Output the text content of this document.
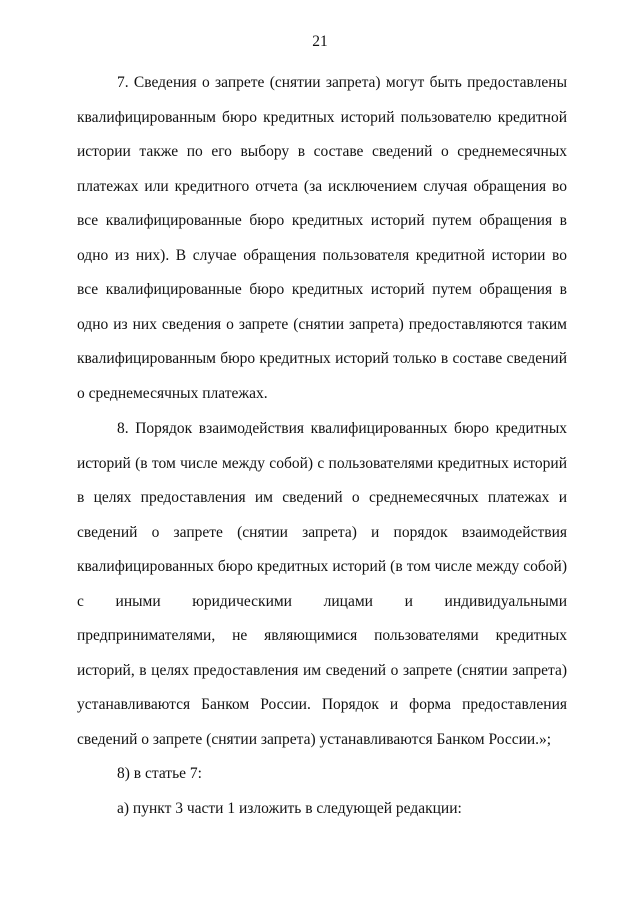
21

7. Сведения о запрете (снятии запрета) могут быть предоставлены квалифицированным бюро кредитных историй пользователю кредитной истории также по его выбору в составе сведений о среднемесячных платежах или кредитного отчета (за исключением случая обращения во все квалифицированные бюро кредитных историй путем обращения в одно из них). В случае обращения пользователя кредитной истории во все квалифицированные бюро кредитных историй путем обращения в одно из них сведения о запрете (снятии запрета) предоставляются таким квалифицированным бюро кредитных историй только в составе сведений о среднемесячных платежах.

8. Порядок взаимодействия квалифицированных бюро кредитных историй (в том числе между собой) с пользователями кредитных историй в целях предоставления им сведений о среднемесячных платежах и сведений о запрете (снятии запрета) и порядок взаимодействия квалифицированных бюро кредитных историй (в том числе между собой) с иными юридическими лицами и индивидуальными предпринимателями, не являющимися пользователями кредитных историй, в целях предоставления им сведений о запрете (снятии запрета) устанавливаются Банком России. Порядок и форма предоставления сведений о запрете (снятии запрета) устанавливаются Банком России.»;

8) в статье 7:

а) пункт 3 части 1 изложить в следующей редакции:
